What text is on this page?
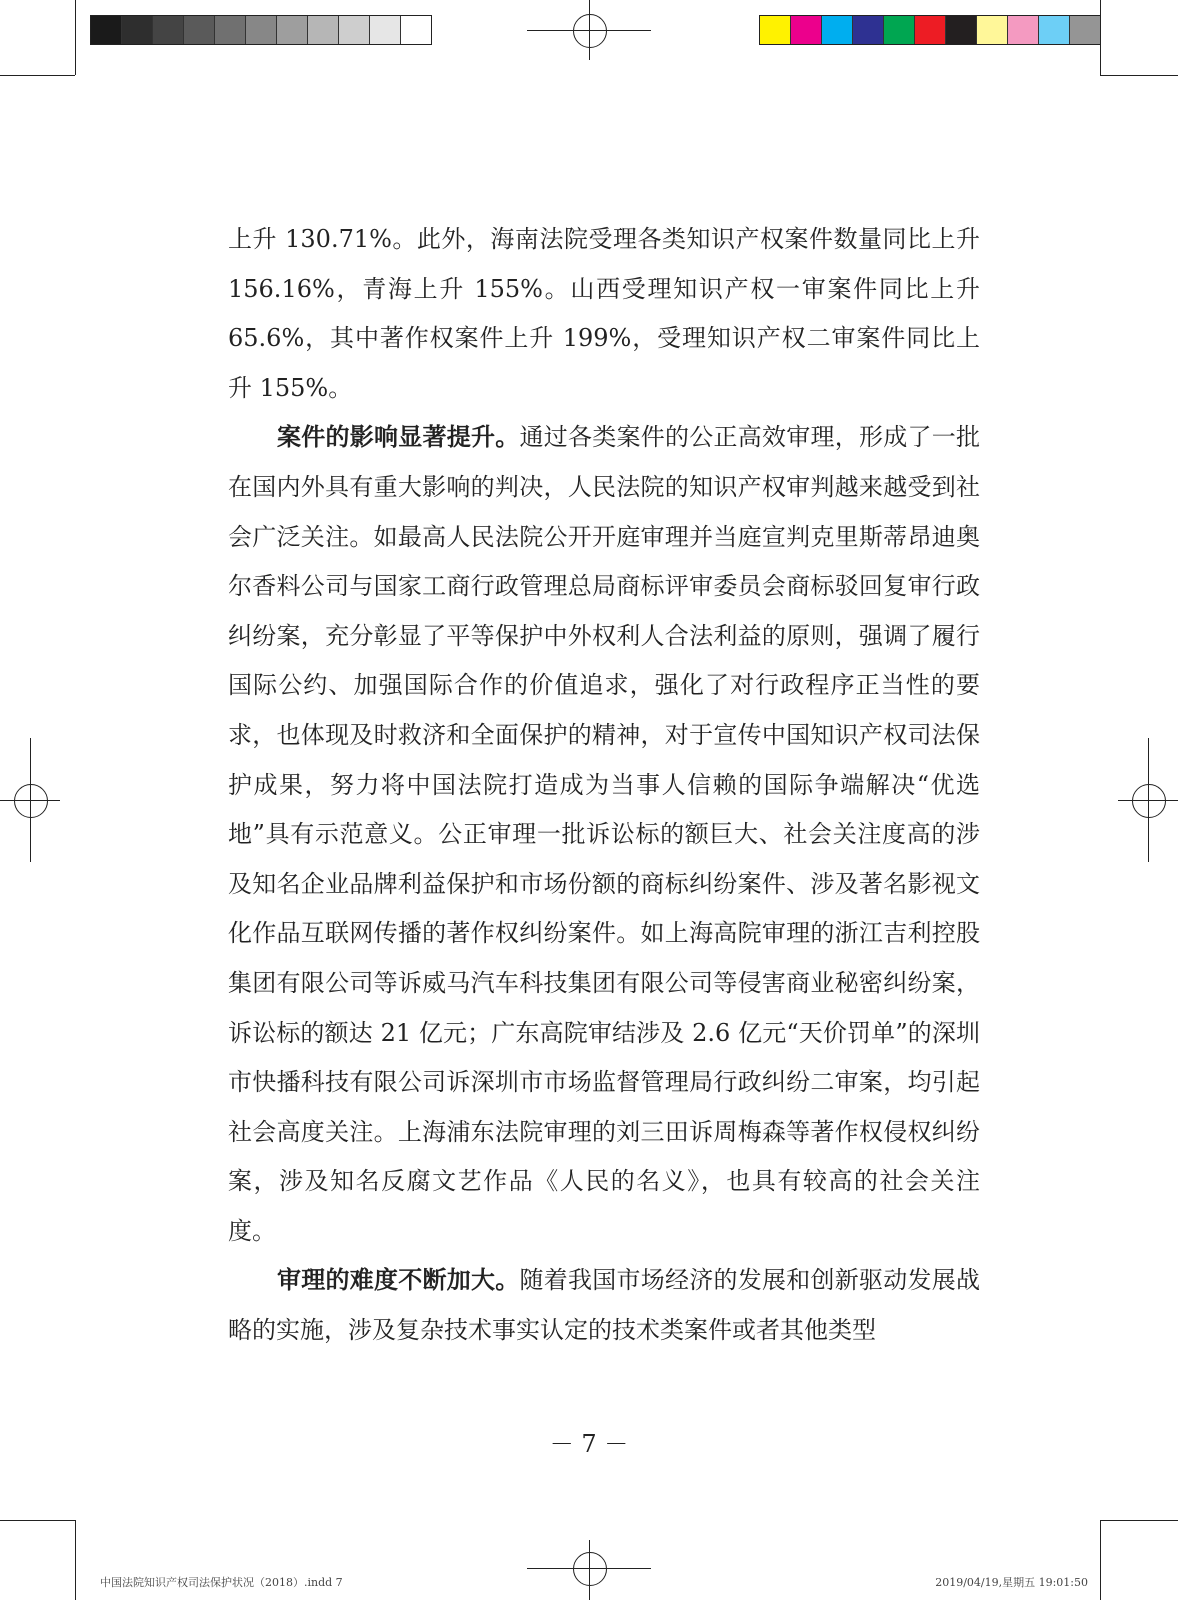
上升 130.71%。此外，海南法院受理各类知识产权案件数量同比上升 156.16%，青海上升 155%。山西受理知识产权一审案件同比上升 65.6%，其中著作权案件上升 199%，受理知识产权二审案件同比上升 155%。

案件的影响显著提升。通过各类案件的公正高效审理，形成了一批在国内外具有重大影响的判决，人民法院的知识产权审判越来越受到社会广泛关注。如最高人民法院公开开庭审理并当庭宣判克里斯蒂昂迪奥尔香料公司与国家工商行政管理总局商标评审委员会商标驳回复审行政纠纷案，充分彰显了平等保护中外权利人合法利益的原则，强调了履行国际公约、加强国际合作的价值追求，强化了对行政程序正当性的要求，也体现及时救济和全面保护的精神，对于宣传中国知识产权司法保护成果，努力将中国法院打造成为当事人信赖的国际争端解决“优选地”具有示范意义。公正审理一批诉讼标的额巨大、社会关注度高的涉及知名企业品牌利益保护和市场份额的商标纠纷案件、涉及著名影视文化作品互联网传播的著作权纠纷案件。如上海高院审理的浙江吉利控股集团有限公司等诉威马汽车科技集团有限公司等侵害商业秘密纠纷案，诉讼标的额达 21 亿元；广东高院审结涉及 2.6 亿元“天价罚单”的深圳市快播科技有限公司诉深圳市市场监督管理局行政纠纷二审案，均引起社会高度关注。上海浦东法院审理的刘三田诉周梅森等著作权侵权纠纷案，涉及知名反腐文艺作品《人民的名义》，也具有较高的社会关注度。

审理的难度不断加大。随着我国市场经济的发展和创新驱动发展战略的实施，涉及复杂技术事实认定的技术类案件或者其他类型

－ 7 －
中国法院知识产权司法保护状况（2018）.indd 7	2019/04/19,星期五 19:01:50
